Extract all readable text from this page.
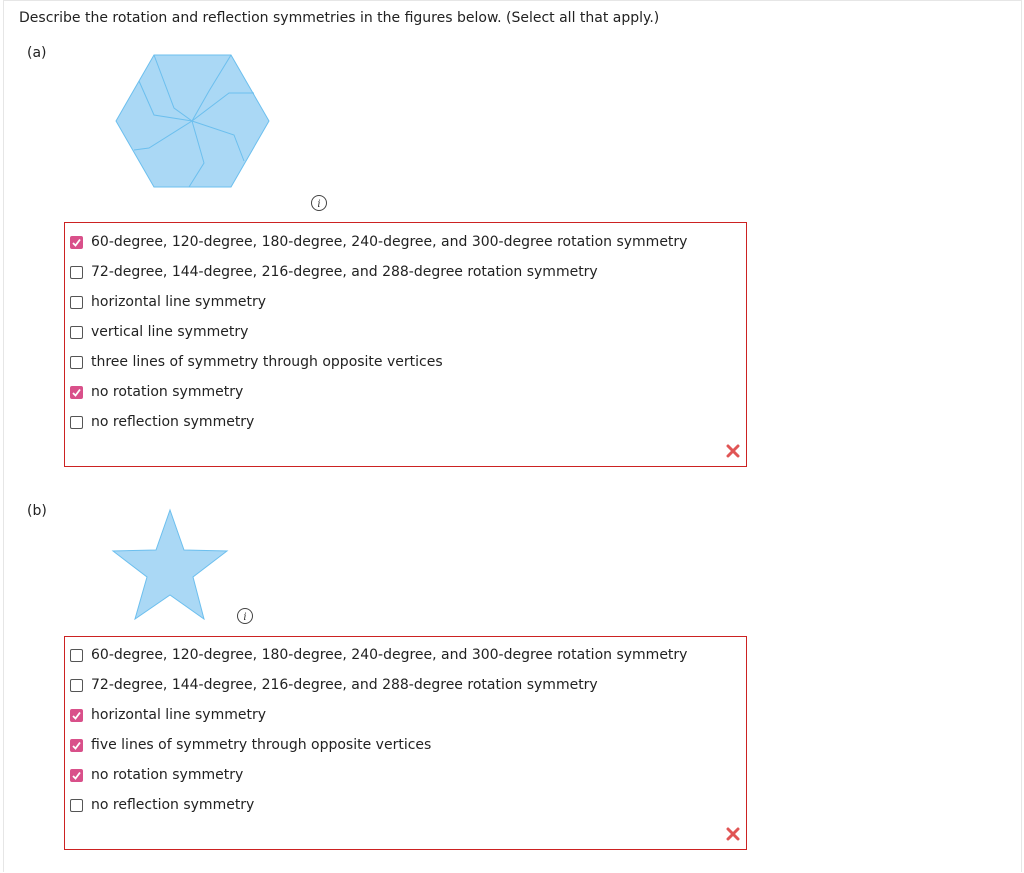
Describe the rotation and reflection symmetries in the figures below. (Select all that apply.)
(a)
i
60-degree, 120-degree, 180-degree, 240-degree, and 300-degree rotation symmetry
72-degree, 144-degree, 216-degree, and 288-degree rotation symmetry
horizontal line symmetry
vertical line symmetry
three lines of symmetry through opposite vertices
no rotation symmetry
no reflection symmetry
(b)
i
60-degree, 120-degree, 180-degree, 240-degree, and 300-degree rotation symmetry
72-degree, 144-degree, 216-degree, and 288-degree rotation symmetry
horizontal line symmetry
five lines of symmetry through opposite vertices
no rotation symmetry
no reflection symmetry
